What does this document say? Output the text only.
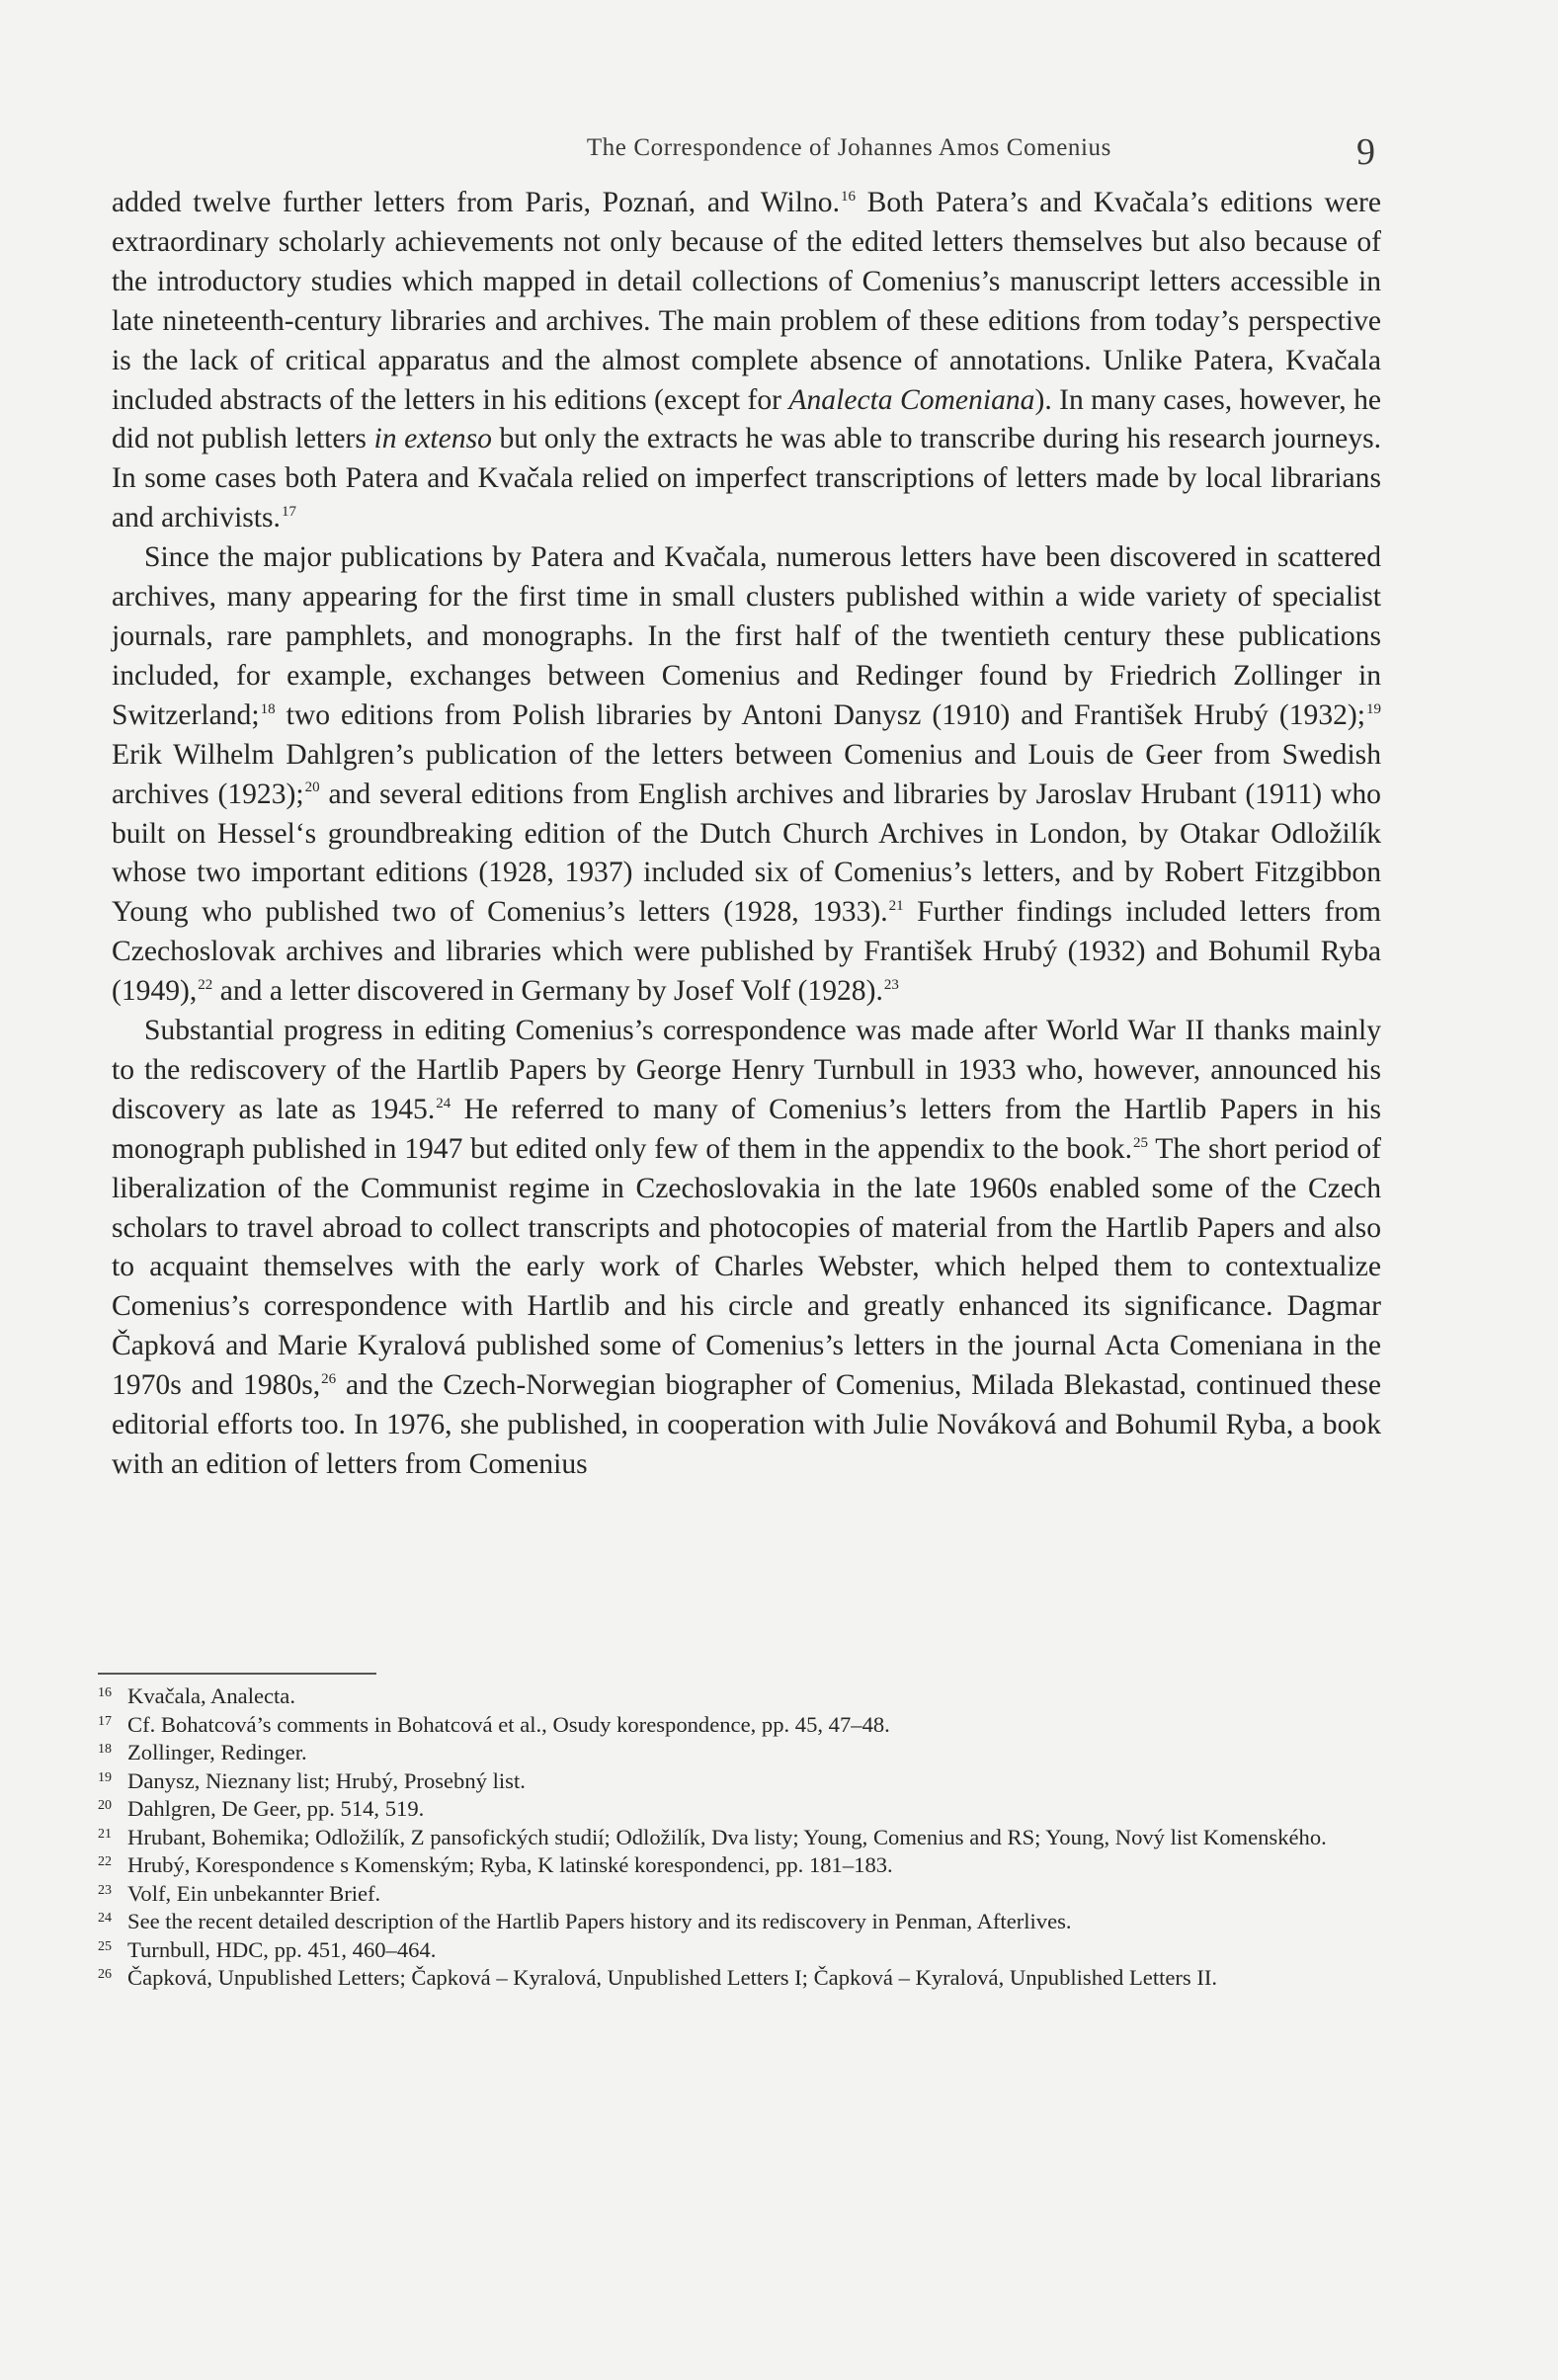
The Correspondence of Johannes Amos Comenius	9

added twelve further letters from Paris, Poznań, and Wilno.$^{16}$ Both Patera’s and Kvačala’s editions were extraordinary scholarly achievements not only because of the edited letters themselves but also because of the introductory studies which mapped in detail collections of Comenius’s manuscript letters accessible in late nineteenth-century libraries and archives. The main problem of these editions from today’s perspective is the lack of critical apparatus and the almost complete absence of annotations. Unlike Patera, Kvačala included abstracts of the letters in his editions (except for Analecta Comeniana). In many cases, however, he did not publish letters in extenso but only the extracts he was able to transcribe during his research journeys. In some cases both Patera and Kvačala relied on imperfect transcriptions of letters made by local librarians and archivists.$^{17}$

Since the major publications by Patera and Kvačala, numerous letters have been discovered in scattered archives, many appearing for the first time in small clusters published within a wide variety of specialist journals, rare pamphlets, and monographs. In the first half of the twentieth century these publications included, for example, exchanges between Comenius and Redinger found by Friedrich Zollinger in Switzerland;$^{18}$ two editions from Polish libraries by Antoni Danysz (1910) and František Hrubý (1932);$^{19}$ Erik Wilhelm Dahlgren’s publication of the letters between Comenius and Louis de Geer from Swedish archives (1923);$^{20}$ and several editions from English archives and libraries by Jaroslav Hrubant (1911) who built on Hessel‘s groundbreaking edition of the Dutch Church Archives in London, by Otakar Odložilík whose two important editions (1928, 1937) included six of Comenius’s letters, and by Robert Fitzgibbon Young who published two of Comenius’s letters (1928, 1933).$^{21}$ Further findings included letters from Czechoslovak archives and libraries which were published by František Hrubý (1932) and Bohumil Ryba (1949),$^{22}$ and a letter discovered in Germany by Josef Volf (1928).$^{23}$

Substantial progress in editing Comenius’s correspondence was made after World War II thanks mainly to the rediscovery of the Hartlib Papers by George Henry Turnbull in 1933 who, however, announced his discovery as late as 1945.24 He referred to many of Comenius’s letters from the Hartlib Papers in his monograph published in 1947 but edited only few of them in the appendix to the book.$^{25}$ The short period of liberalization of the Communist regime in Czechoslovakia in the late 1960s enabled some of the Czech scholars to travel abroad to collect transcripts and photocopies of material from the Hartlib Papers and also to acquaint themselves with the early work of Charles Webster, which helped them to contextualize Comenius’s correspondence with Hartlib and his circle and greatly enhanced its significance. Dagmar Čapková and Marie Kyralová published some of Comenius’s letters in the journal Acta Comeniana in the 1970s and 1980s,$^{26}$ and the Czech-Norwegian biographer of Comenius, Milada Blekastad, continued these editorial efforts too. In 1976, she published, in cooperation with Julie Nováková and Bohumil Ryba, a book with an edition of letters from Comenius

16 Kvačala, Analecta.
17 Cf. Bohatcová’s comments in Bohatcová et al., Osudy korespondence, pp. 45, 47–48.
18 Zollinger, Redinger.
19 Danysz, Nieznany list; Hrubý, Prosebný list.
20 Dahlgren, De Geer, pp. 514, 519.
21 Hrubant, Bohemika; Odložilík, Z pansofických studií; Odložilík, Dva listy; Young, Comenius and RS; Young, Nový list Komenského.
22 Hrubý, Korespondence s Komenským; Ryba, K latinské korespondenci, pp. 181–183.
23 Volf, Ein unbekannter Brief.
24 See the recent detailed description of the Hartlib Papers history and its rediscovery in Penman, Afterlives.
25 Turnbull, HDC, pp. 451, 460–464.
26 Čapková, Unpublished Letters; Čapková – Kyralová, Unpublished Letters I; Čapková – Kyralová, Unpublished Letters II.
